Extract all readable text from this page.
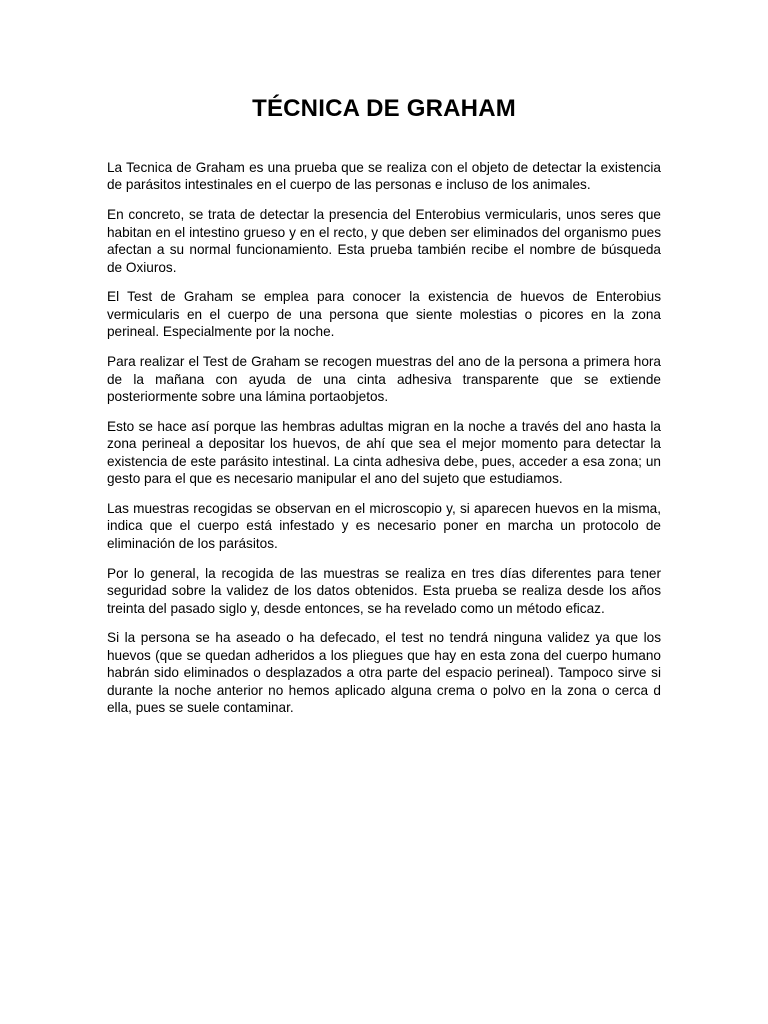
TÉCNICA DE GRAHAM

La Tecnica de Graham es una prueba que se realiza con el objeto de detectar la existencia de parásitos intestinales en el cuerpo de las personas e incluso de los animales.

En concreto, se trata de detectar la presencia del Enterobius vermicularis, unos seres que habitan en el intestino grueso y en el recto, y que deben ser eliminados del organismo pues afectan a su normal funcionamiento. Esta prueba también recibe el nombre de búsqueda de Oxiuros.

El Test de Graham se emplea para conocer la existencia de huevos de Enterobius vermicularis en el cuerpo de una persona que siente molestias o picores en la zona perineal. Especialmente por la noche.

Para realizar el Test de Graham se recogen muestras del ano de la persona a primera hora de la mañana con ayuda de una cinta adhesiva transparente que se extiende posteriormente sobre una lámina portaobjetos.

Esto se hace así porque las hembras adultas migran en la noche a través del ano hasta la zona perineal a depositar los huevos, de ahí que sea el mejor momento para detectar la existencia de este parásito intestinal. La cinta adhesiva debe, pues, acceder a esa zona; un gesto para el que es necesario manipular el ano del sujeto que estudiamos.

Las muestras recogidas se observan en el microscopio y, si aparecen huevos en la misma, indica que el cuerpo está infestado y es necesario poner en marcha un protocolo de eliminación de los parásitos.

Por lo general, la recogida de las muestras se realiza en tres días diferentes para tener seguridad sobre la validez de los datos obtenidos. Esta prueba se realiza desde los años treinta del pasado siglo y, desde entonces, se ha revelado como un método eficaz.

Si la persona se ha aseado o ha defecado, el test no tendrá ninguna validez ya que los huevos (que se quedan adheridos a los pliegues que hay en esta zona del cuerpo humano habrán sido eliminados o desplazados a otra parte del espacio perineal). Tampoco sirve si durante la noche anterior no hemos aplicado alguna crema o polvo en la zona o cerca d ella, pues se suele contaminar.
